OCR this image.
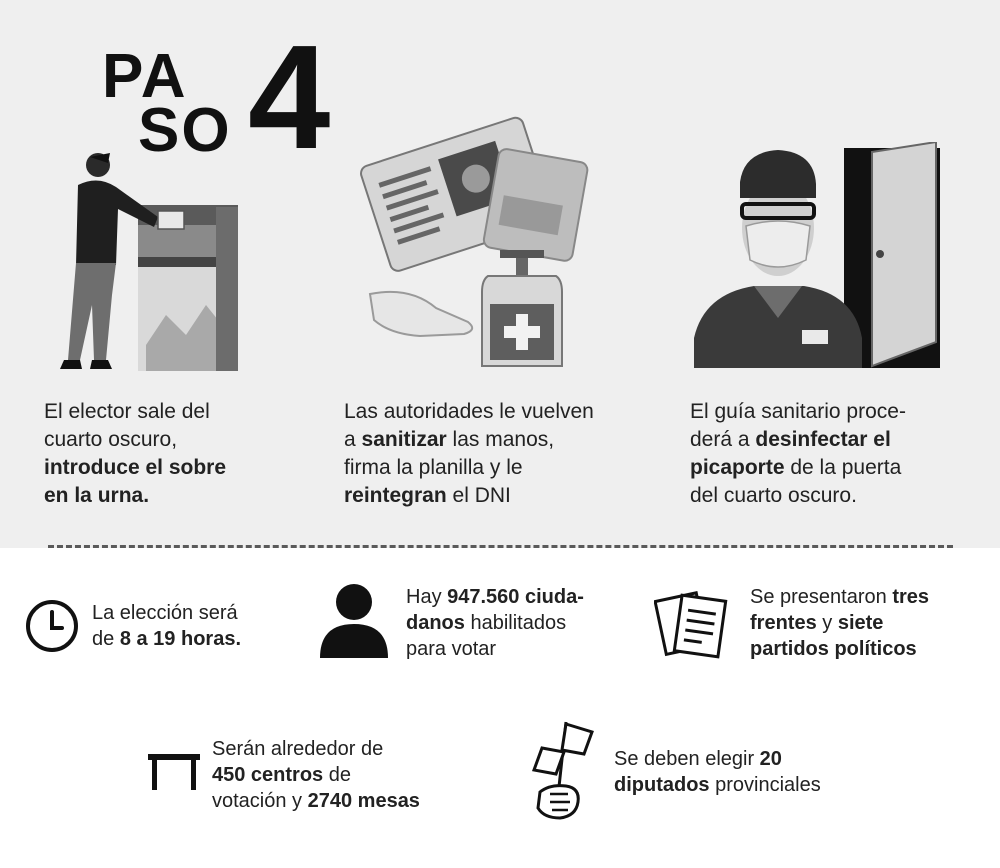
PA
SO 4
El elector sale del
cuarto oscuro,
introduce el sobre
en la urna.
Las autoridades le vuelven
a sanitizar las manos,
firma la planilla y le
reintegran el DNI
El guía sanitario proce-
derá a desinfectar el
picaporte de la puerta
del cuarto oscuro.
La elección será
de 8 a 19 horas.
Hay 947.560 ciuda-
danos habilitados
para votar
Se presentaron tres
frentes y siete
partidos políticos
Serán alrededor de
450 centros de
votación y 2740 mesas
Se deben elegir 20
diputados provinciales
